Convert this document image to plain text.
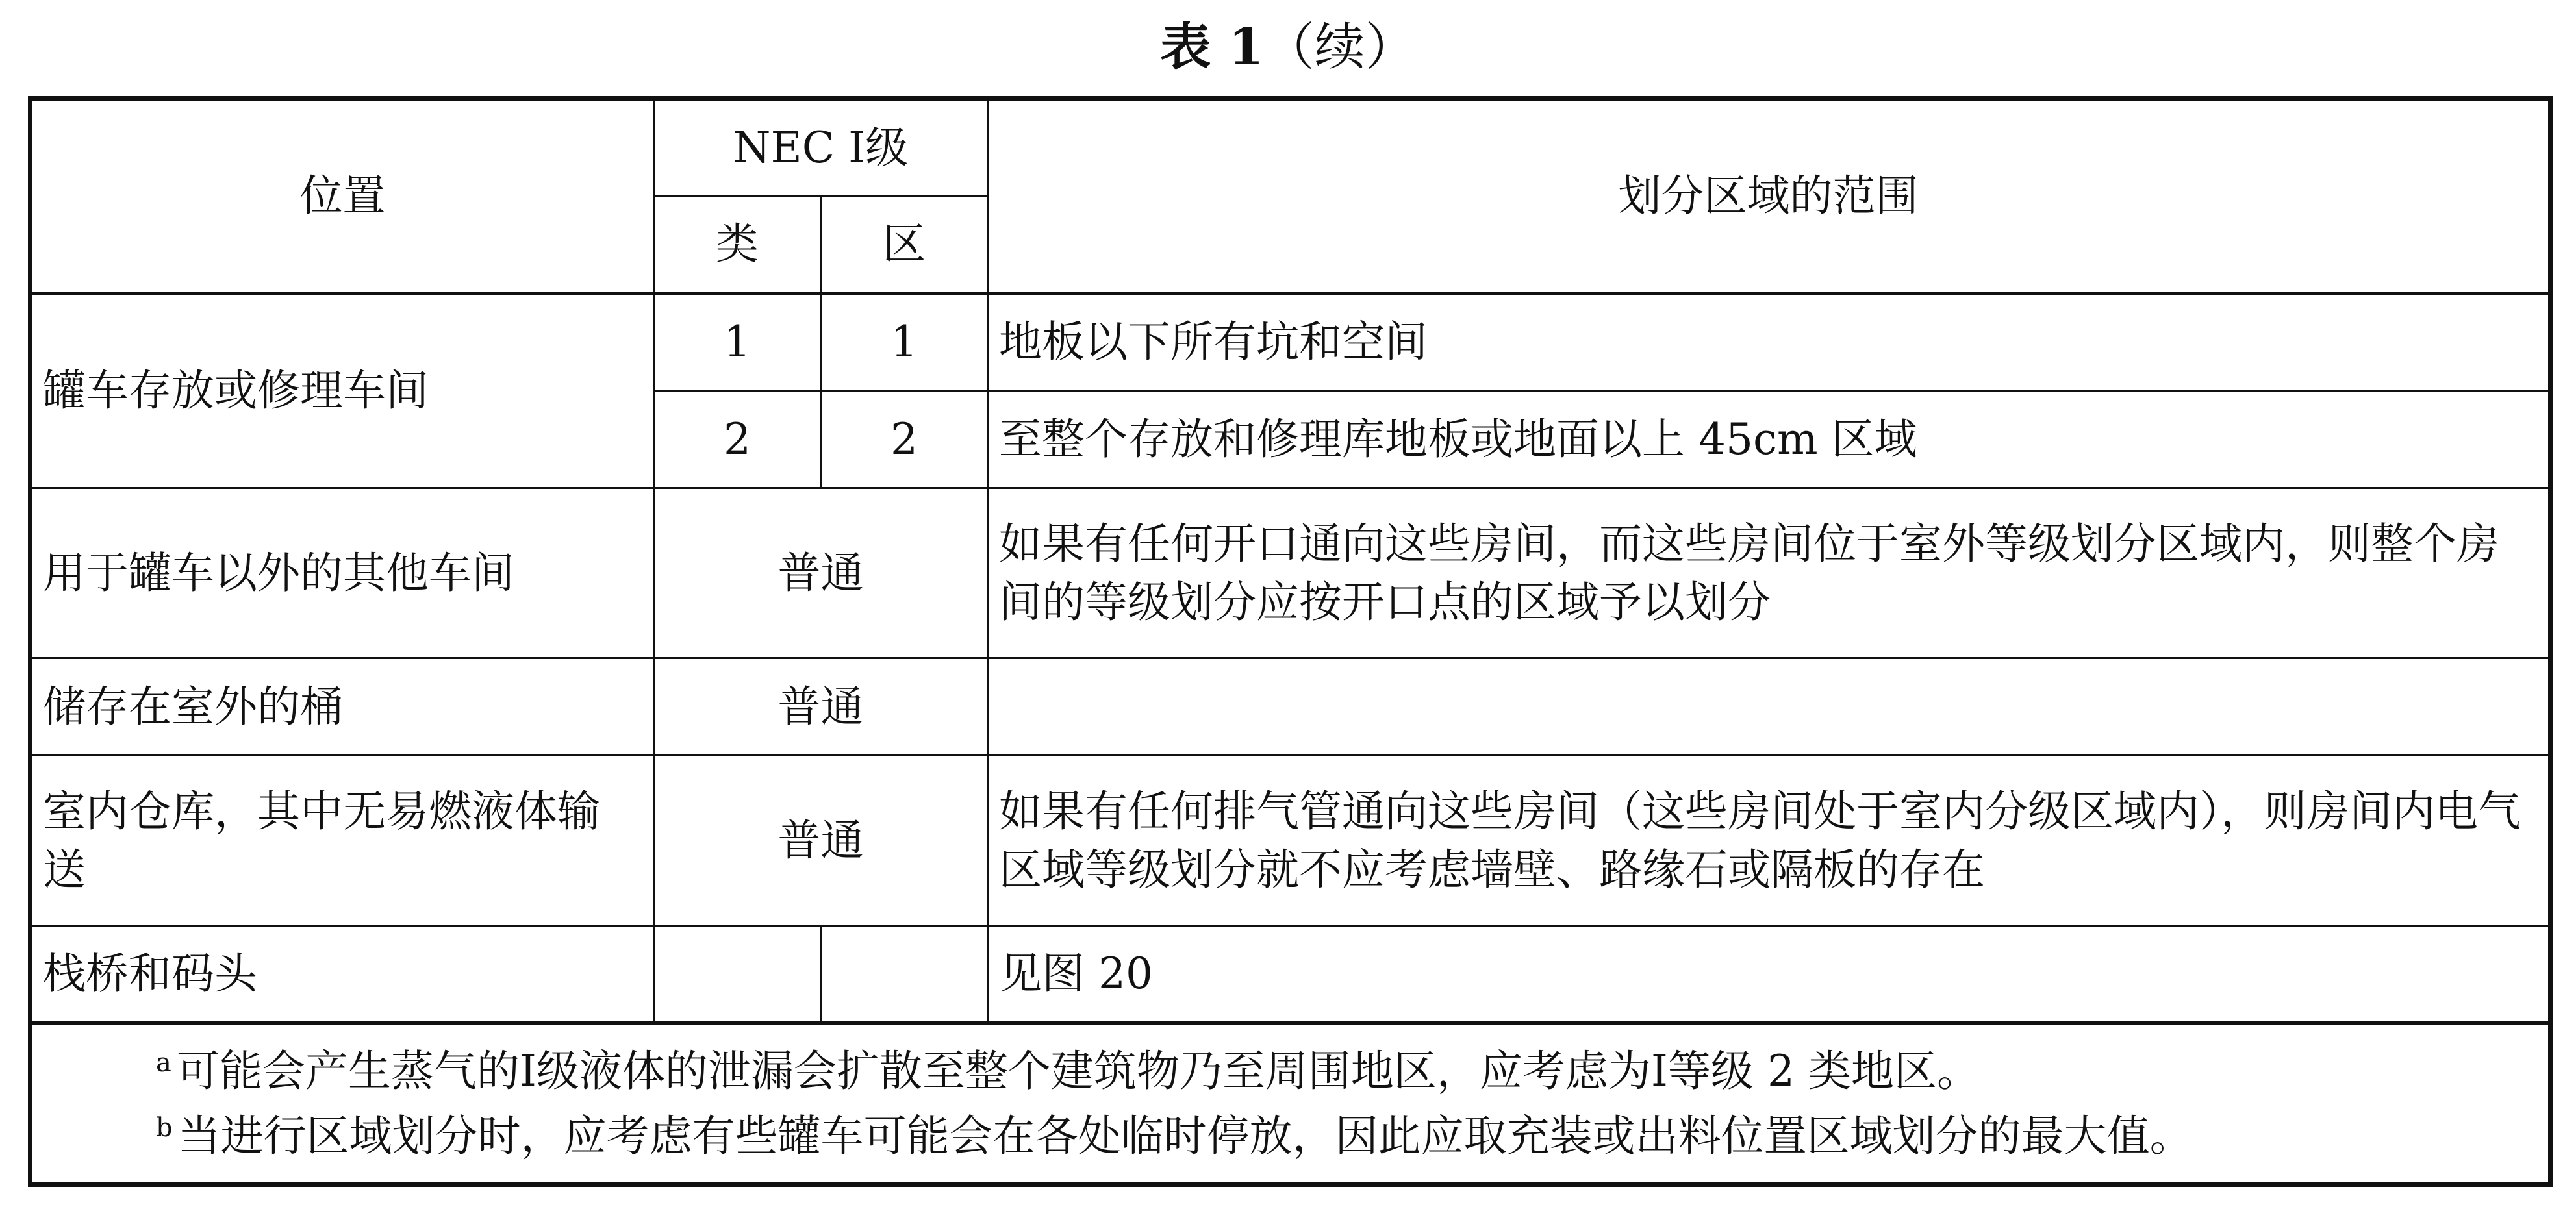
表 1（续）
位置	NEC Ⅰ级		划分区域的范围
	类	区	
罐车存放或修理车间	1	1	地板以下所有坑和空间
	2	2	至整个存放和修理库地板或地面以上 45cm 区域
用于罐车以外的其他车间	普通		如果有任何开口通向这些房间，而这些房间位于室外等级划分区域内，则整个房间的等级划分应按开口点的区域予以划分
储存在室外的桶	普通		
室内仓库，其中无易燃液体输送	普通		如果有任何排气管通向这些房间（这些房间处于室内分级区域内），则房间内电气区域等级划分就不应考虑墙壁、路缘石或隔板的存在
栈桥和码头			见图 20

$^a$ 可能会产生蒸气的Ⅰ级液体的泄漏会扩散至整个建筑物乃至周围地区，应考虑为Ⅰ等级 2 类地区。
$^b$ 当进行区域划分时，应考虑有些罐车可能会在各处临时停放，因此应取充装或出料位置区域划分的最大值。			
